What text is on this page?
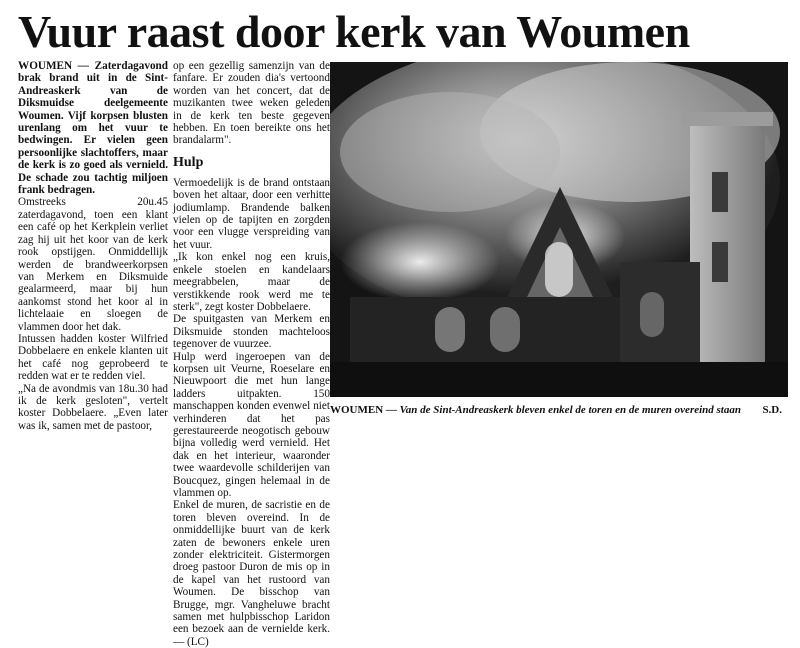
Vuur raast door kerk van Woumen

WOUMEN — Zaterdagavond brak brand uit in de Sint-Andreaskerk van de Diksmuidse deelgemeente Woumen. Vijf korpsen blusten urenlang om het vuur te bedwingen. Er vielen geen persoonlijke slachtoffers, maar de kerk is zo goed als vernield. De schade zou tachtig miljoen frank bedragen.

Omstreeks 20u.45 zaterdagavond, toen een klant een café op het Kerkplein verliet zag hij uit het koor van de kerk rook opstijgen. Onmiddellijk werden de brandweerkorpsen van Merkem en Diksmuide gealarmeerd, maar bij hun aankomst stond het koor al in lichtelaaie en sloegen de vlammen door het dak.

Intussen hadden koster Wilfried Dobbelaere en enkele klanten uit het café nog geprobeerd te redden wat er te redden viel.

„Na de avondmis van 18u.30 had ik de kerk gesloten", vertelt koster Dobbelaere. „Even later was ik, samen met de pastoor,

op een gezellig samenzijn van de fanfare. Er zouden dia's vertoond worden van het concert, dat de muzikanten twee weken geleden in de kerk ten beste gegeven hebben. En toen bereikte ons het brandalarm".

Hulp

Vermoedelijk is de brand ontstaan boven het altaar, door een verhitte jodiumlamp. Brandende balken vielen op de tapijten en zorgden voor een vlugge verspreiding van het vuur.

„Ik kon enkel nog een kruis, enkele stoelen en kandelaars meegrabbelen, maar de verstikkende rook werd me te sterk", zegt koster Dobbelaere.

De spuitgasten van Merkem en Diksmuide stonden machteloos tegenover de vuurzee.

Hulp werd ingeroepen van de korpsen uit Veurne, Roeselare en Nieuwpoort die met hun lange ladders uitpakten. 150 manschappen konden evenwel niet verhinderen dat het pas gerestaureerde neogotisch gebouw bijna volledig werd vernield. Het dak en het interieur, waaronder twee waardevolle schilderijen van Boucquez, gingen helemaal in de vlammen op.

Enkel de muren, de sacristie en de toren bleven overeind. In de onmiddellijke buurt van de kerk zaten de bewoners enkele uren zonder elektriciteit. Gistermorgen droeg pastoor Duron de mis op in de kapel van het rustoord van Woumen. De bisschop van Brugge, mgr. Vangheluwe bracht samen met hulpbisschop Laridon een bezoek aan de vernielde kerk. — (LC)

WOUMEN — Van de Sint-Andreaskerk bleven enkel de toren en de muren overeind staan S.D.
